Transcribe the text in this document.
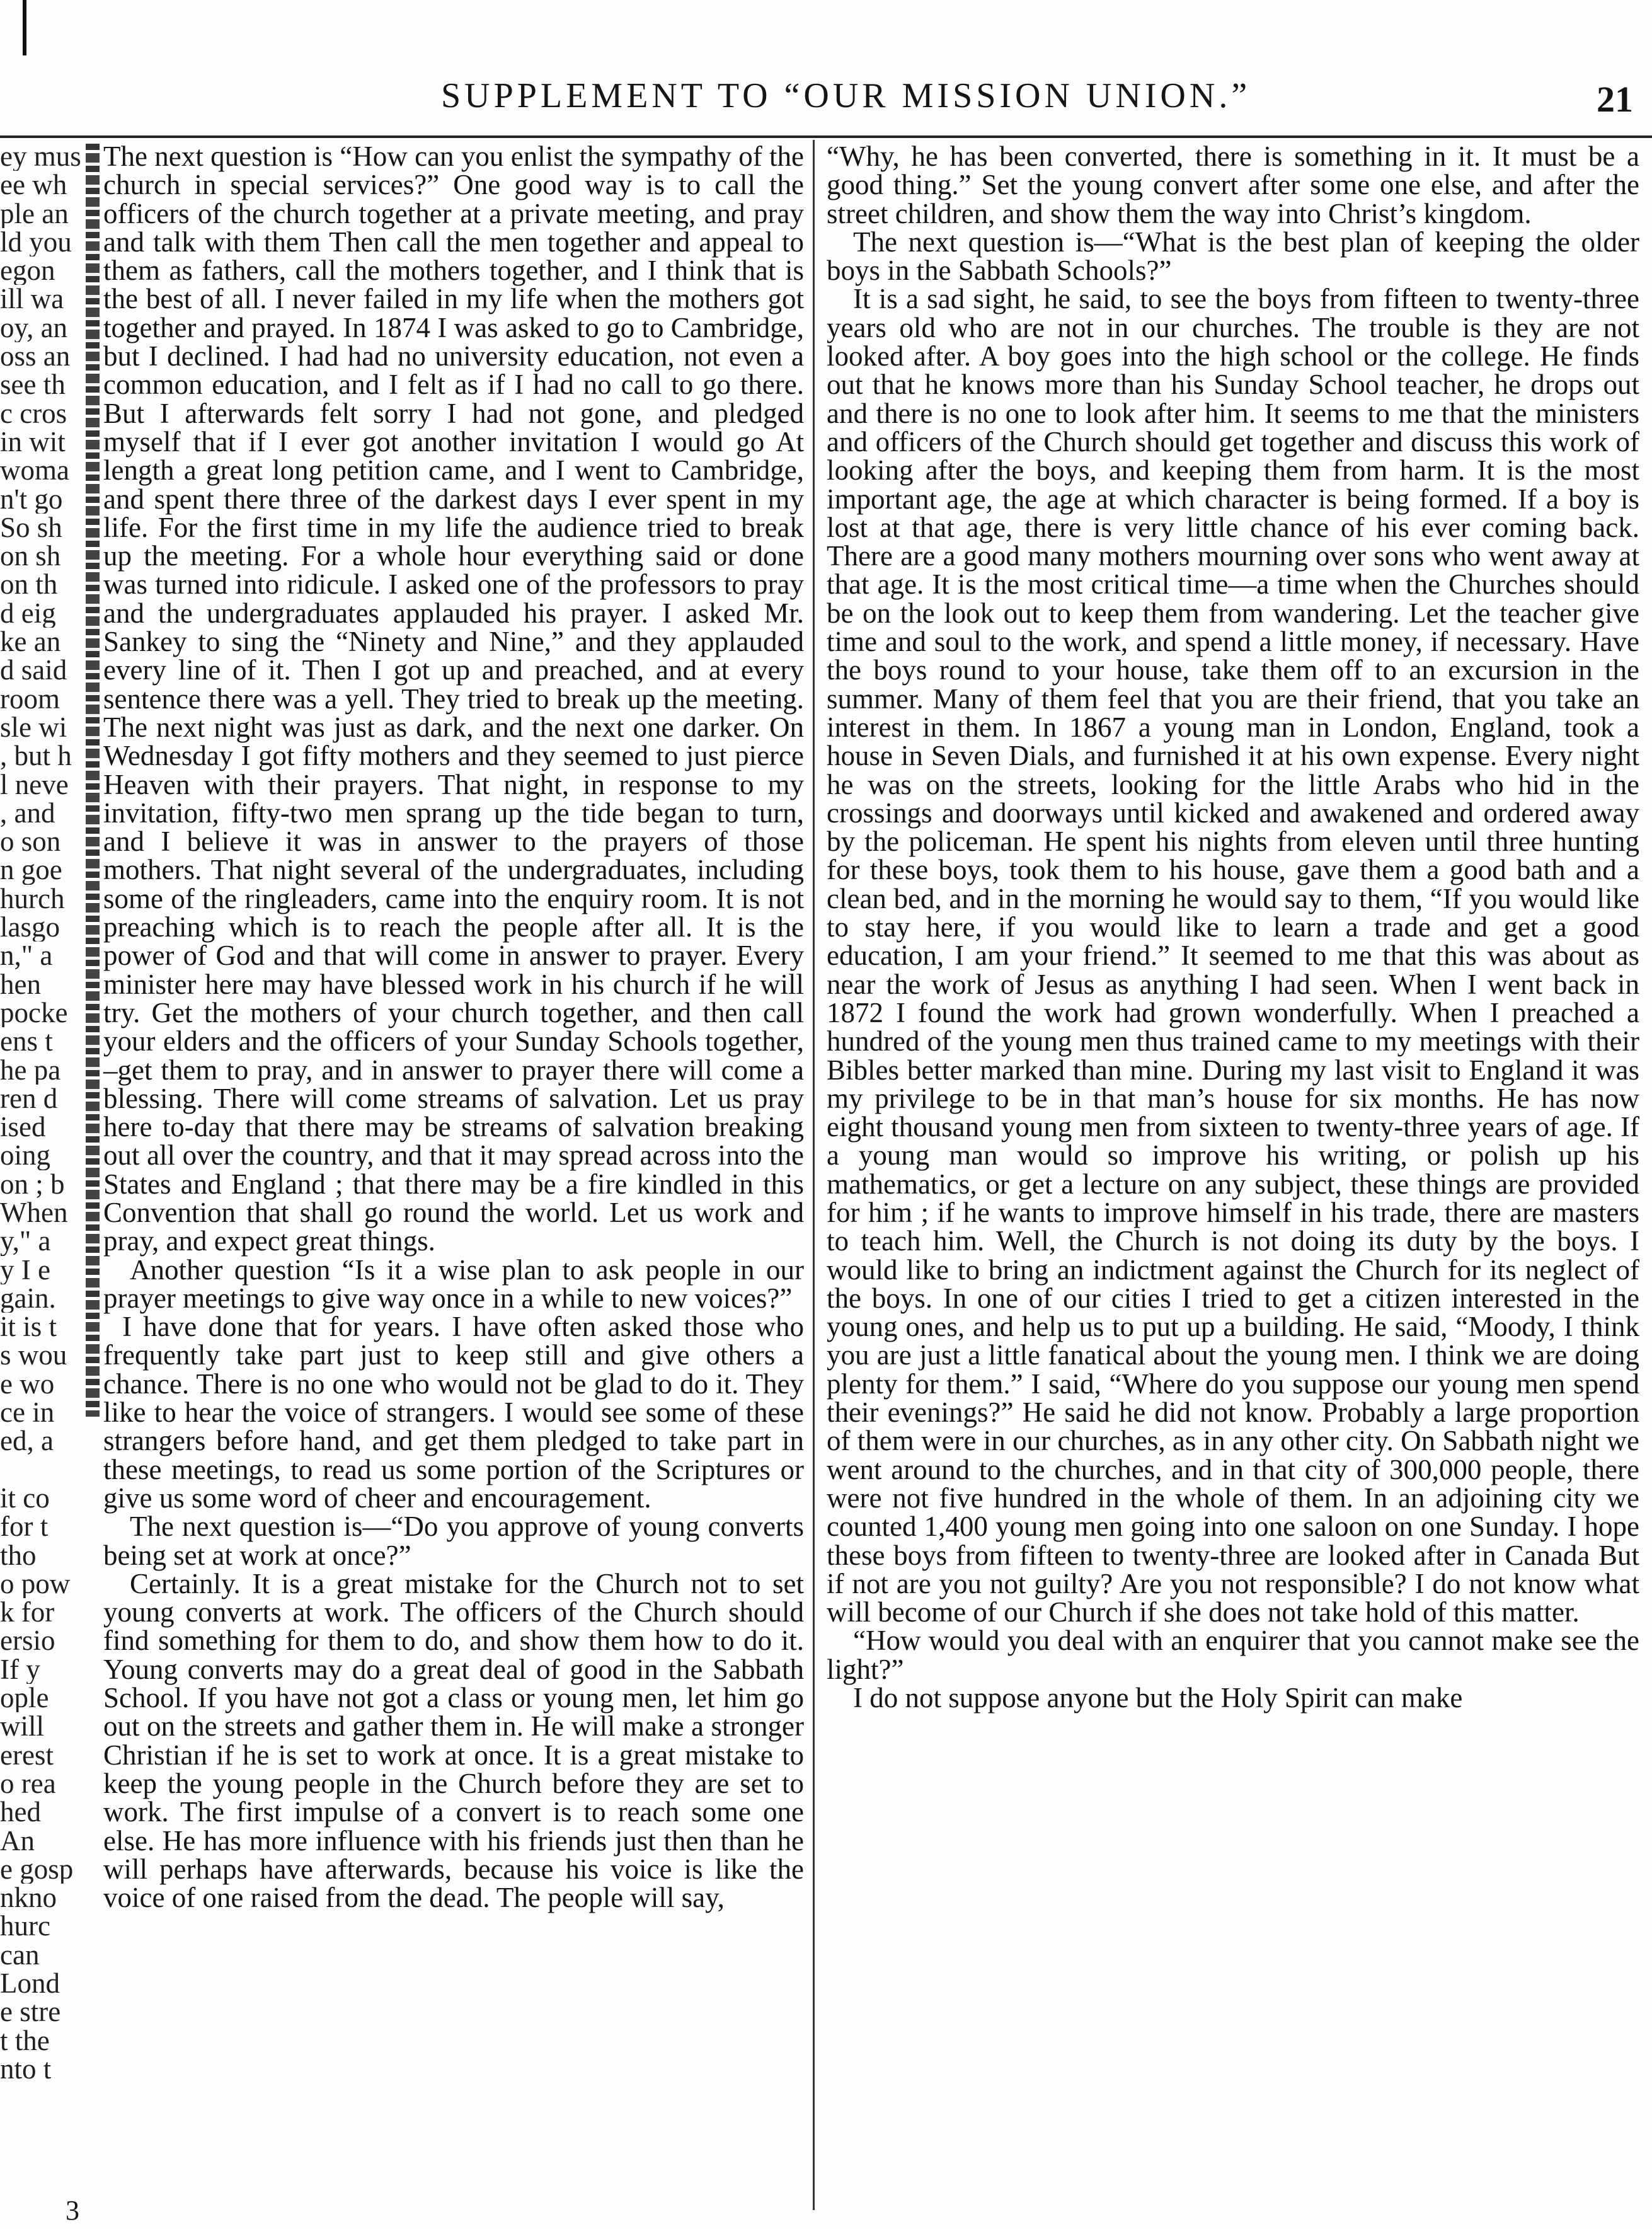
SUPPLEMENT TO “OUR MISSION UNION.”	21
ey mus
ee wh
ple an
ld you
egon
ill wa
oy, an
oss an
see th
c cros
in wit
woma
n't go
So sh
on sh
on th
d eig
ke an
d said
room
sle wi
, but h
l neve
, and
o son
n goe
hurch
lasgo
n," a
hen
pocke
ens t
he pa
ren d
ised
oing
on ; b
When
y," a
y I e
gain.
it is t
s wou
e wo
ce in
ed, a
it co
for t
tho
o pow
k for
ersio
If y
ople
will
erest
o rea
hed
An
e gosp
nkno
hurc
can
Lond
e stre
t the
nto t

The next question is “How can you enlist the sympathy of the church in special services?” One good way is to call the officers of the church together at a private meeting, and pray and talk with them Then call the men together and appeal to them as fathers, call the mothers together, and I think that is the best of all. I never failed in my life when the mothers got together and prayed. In 1874 I was asked to go to Cambridge, but I declined. I had had no university education, not even a common education, and I felt as if I had no call to go there. But I afterwards felt sorry I had not gone, and pledged myself that if I ever got another invitation I would go At length a great long petition came, and I went to Cambridge, and spent there three of the darkest days I ever spent in my life. For the first time in my life the audience tried to break up the meeting. For a whole hour everything said or done was turned into ridicule. I asked one of the professors to pray and the undergraduates applauded his prayer. I asked Mr. Sankey to sing the “Ninety and Nine,” and they applauded every line of it. Then I got up and preached, and at every sentence there was a yell. They tried to break up the meeting. The next night was just as dark, and the next one darker. On Wednesday I got fifty mothers and they seemed to just pierce Heaven with their prayers. That night, in response to my invitation, fifty-two men sprang up the tide began to turn, and I believe it was in answer to the prayers of those mothers. That night several of the undergraduates, including some of the ringleaders, came into the enquiry room. It is not preaching which is to reach the people after all. It is the power of God and that will come in answer to prayer. Every minister here may have blessed work in his church if he will try. Get the mothers of your church together, and then call your elders and the officers of your Sunday Schools together, –get them to pray, and in answer to prayer there will come a blessing. There will come streams of salvation. Let us pray here to-day that there may be streams of salvation breaking out all over the country, and that it may spread across into the States and England ; that there may be a fire kindled in this Convention that shall go round the world. Let us work and pray, and expect great things.

Another question “Is it a wise plan to ask people in our prayer meetings to give way once in a while to new voices?”

I have done that for years. I have often asked those who frequently take part just to keep still and give others a chance. There is no one who would not be glad to do it. They like to hear the voice of strangers. I would see some of these strangers before hand, and get them pledged to take part in these meetings, to read us some portion of the Scriptures or give us some word of cheer and encouragement.

The next question is—“Do you approve of young converts being set at work at once?”

Certainly. It is a great mistake for the Church not to set young converts at work. The officers of the Church should find something for them to do, and show them how to do it. Young converts may do a great deal of good in the Sabbath School. If you have not got a class or young men, let him go out on the streets and gather them in. He will make a stronger Christian if he is set to work at once. It is a great mistake to keep the young people in the Church before they are set to work. The first impulse of a convert is to reach some one else. He has more influence with his friends just then than he will perhaps have afterwards, because his voice is like the voice of one raised from the dead. The people will say,

“Why, he has been converted, there is something in it. It must be a good thing.” Set the young convert after some one else, and after the street children, and show them the way into Christ’s kingdom.

The next question is—“What is the best plan of keeping the older boys in the Sabbath Schools?”

It is a sad sight, he said, to see the boys from fifteen to twenty-three years old who are not in our churches. The trouble is they are not looked after. A boy goes into the high school or the college. He finds out that he knows more than his Sunday School teacher, he drops out and there is no one to look after him. It seems to me that the ministers and officers of the Church should get together and discuss this work of looking after the boys, and keeping them from harm. It is the most important age, the age at which character is being formed. If a boy is lost at that age, there is very little chance of his ever coming back. There are a good many mothers mourning over sons who went away at that age. It is the most critical time—a time when the Churches should be on the look out to keep them from wandering. Let the teacher give time and soul to the work, and spend a little money, if necessary. Have the boys round to your house, take them off to an excursion in the summer. Many of them feel that you are their friend, that you take an interest in them. In 1867 a young man in London, England, took a house in Seven Dials, and furnished it at his own expense. Every night he was on the streets, looking for the little Arabs who hid in the crossings and doorways until kicked and awakened and ordered away by the policeman. He spent his nights from eleven until three hunting for these boys, took them to his house, gave them a good bath and a clean bed, and in the morning he would say to them, “If you would like to stay here, if you would like to learn a trade and get a good education, I am your friend.” It seemed to me that this was about as near the work of Jesus as anything I had seen. When I went back in 1872 I found the work had grown wonderfully. When I preached a hundred of the young men thus trained came to my meetings with their Bibles better marked than mine. During my last visit to England it was my privilege to be in that man’s house for six months. He has now eight thousand young men from sixteen to twenty-three years of age. If a young man would so improve his writing, or polish up his mathematics, or get a lecture on any subject, these things are provided for him ; if he wants to improve himself in his trade, there are masters to teach him. Well, the Church is not doing its duty by the boys. I would like to bring an indictment against the Church for its neglect of the boys. In one of our cities I tried to get a citizen interested in the young ones, and help us to put up a building. He said, “Moody, I think you are just a little fanatical about the young men. I think we are doing plenty for them.” I said, “Where do you suppose our young men spend their evenings?” He said he did not know. Probably a large proportion of them were in our churches, as in any other city. On Sabbath night we went around to the churches, and in that city of 300,000 people, there were not five hundred in the whole of them. In an adjoining city we counted 1,400 young men going into one saloon on one Sunday. I hope these boys from fifteen to twenty-three are looked after in Canada But if not are you not guilty? Are you not responsible? I do not know what will become of our Church if she does not take hold of this matter.

“How would you deal with an enquirer that you cannot make see the light?”

I do not suppose anyone but the Holy Spirit can make

3
